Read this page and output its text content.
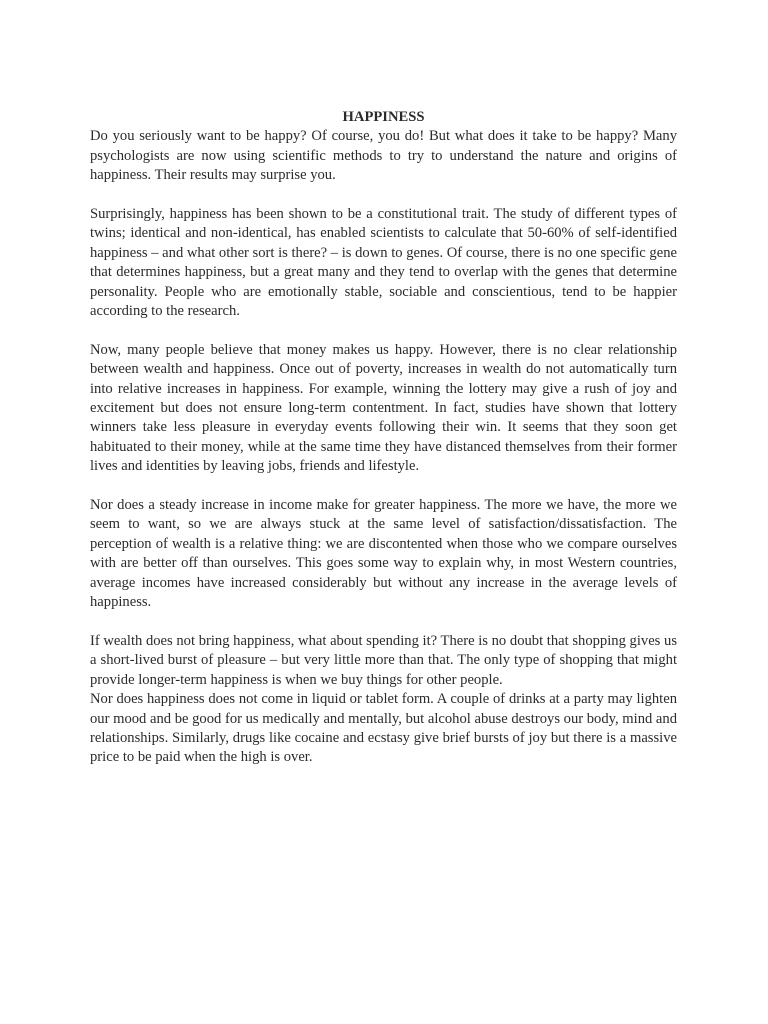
HAPPINESS

Do you seriously want to be happy? Of course, you do! But what does it take to be happy? Many psychologists are now using scientific methods to try to understand the nature and origins of happiness. Their results may surprise you.

Surprisingly, happiness has been shown to be a constitutional trait. The study of different types of twins; identical and non-identical, has enabled scientists to calculate that 50-60% of self-identified happiness – and what other sort is there? – is down to genes. Of course, there is no one specific gene that determines happiness, but a great many and they tend to overlap with the genes that determine personality. People who are emotionally stable, sociable and conscientious, tend to be happier according to the research.

Now, many people believe that money makes us happy. However, there is no clear relationship between wealth and happiness. Once out of poverty, increases in wealth do not automatically turn into relative increases in happiness. For example, winning the lottery may give a rush of joy and excitement but does not ensure long-term contentment. In fact, studies have shown that lottery winners take less pleasure in everyday events following their win. It seems that they soon get habituated to their money, while at the same time they have distanced themselves from their former lives and identities by leaving jobs, friends and lifestyle.

Nor does a steady increase in income make for greater happiness. The more we have, the more we seem to want, so we are always stuck at the same level of satisfaction/dissatisfaction. The perception of wealth is a relative thing: we are discontented when those who we compare ourselves with are better off than ourselves. This goes some way to explain why, in most Western countries, average incomes have increased considerably but without any increase in the average levels of happiness.

If wealth does not bring happiness, what about spending it? There is no doubt that shopping gives us a short-lived burst of pleasure – but very little more than that. The only type of shopping that might provide longer-term happiness is when we buy things for other people.

Nor does happiness does not come in liquid or tablet form. A couple of drinks at a party may lighten our mood and be good for us medically and mentally, but alcohol abuse destroys our body, mind and relationships. Similarly, drugs like cocaine and ecstasy give brief bursts of joy but there is a massive price to be paid when the high is over.
